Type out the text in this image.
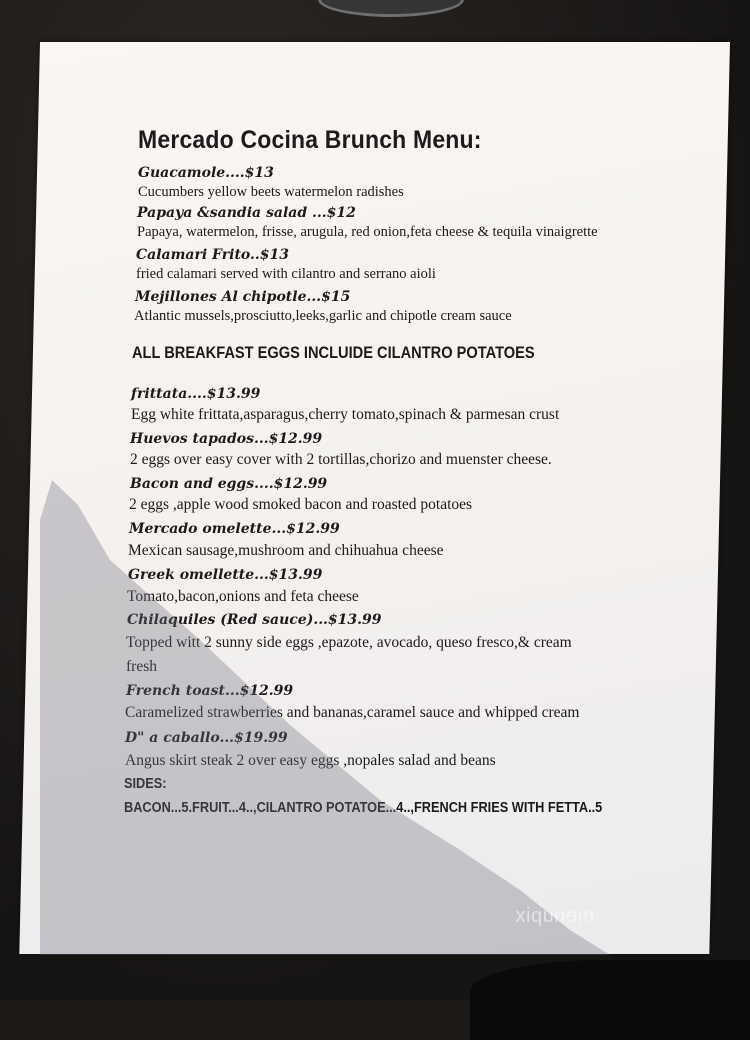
Mercado Cocina Brunch Menu:
Guacamole....$13
Cucumbers yellow beets watermelon radishes
Papaya &sandia salad ...$12
Papaya, watermelon, frisse, arugula, red onion,feta cheese & tequila vinaigrette
Calamari Frito..$13
fried calamari served with cilantro and serrano aioli
Mejillones Al chipotle...$15
Atlantic mussels,prosciutto,leeks,garlic and chipotle cream sauce
ALL BREAKFAST EGGS INCLUIDE CILANTRO POTATOES
frittata....$13.99
Egg white frittata,asparagus,cherry tomato,spinach & parmesan crust
Huevos tapados...$12.99
2 eggs over easy cover with 2 tortillas,chorizo and muenster cheese.
Bacon and eggs....$12.99
2 eggs ,apple wood smoked bacon and roasted potatoes
Mercado omelette...$12.99
Mexican sausage,mushroom and chihuahua cheese
Greek omellette...$13.99
Tomato,bacon,onions and feta cheese
Chilaquiles (Red sauce)...$13.99
Topped witt 2 sunny side eggs ,epazote, avocado, queso fresco,& cream
fresh
French toast...$12.99
Caramelized strawberries and bananas,caramel sauce and whipped cream
D" a caballo...$19.99
Angus skirt steak 2 over easy eggs ,nopales salad and beans
SIDES:
BACON...5.FRUIT...4..,CILANTRO POTATOE...4..,FRENCH FRIES WITH FETTA..5
menupix
